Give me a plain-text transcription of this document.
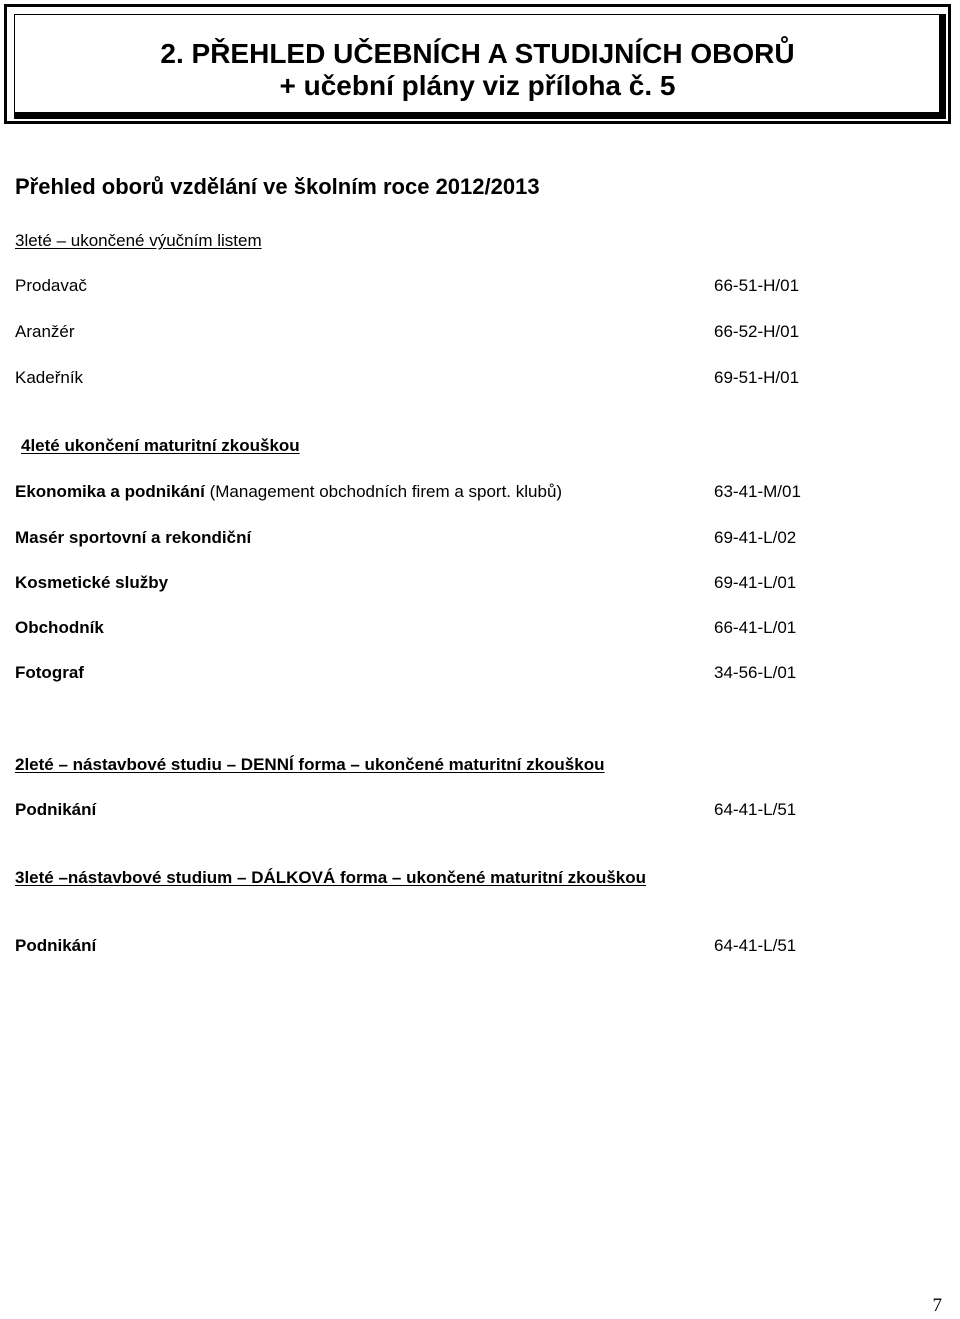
2. PŘEHLED UČEBNÍCH A STUDIJNÍCH OBORŮ
+ učební plány viz příloha č. 5
Přehled oborů vzdělání ve školním roce 2012/2013
3leté – ukončené výučním listem
Prodavač	66-51-H/01
Aranžér	66-52-H/01
Kadeřník	69-51-H/01
4leté ukončení maturitní zkouškou
Ekonomika a podnikání (Management obchodních firem a sport. klubů)	63-41-M/01
Masér sportovní a rekondiční	69-41-L/02
Kosmetické služby	69-41-L/01
Obchodník	66-41-L/01
Fotograf	34-56-L/01
2leté – nástavbové studiu – DENNÍ forma – ukončené maturitní zkouškou
Podnikání	64-41-L/51
3leté –nástavbové studium – DÁLKOVÁ forma – ukončené maturitní zkouškou
Podnikání	64-41-L/51
7
